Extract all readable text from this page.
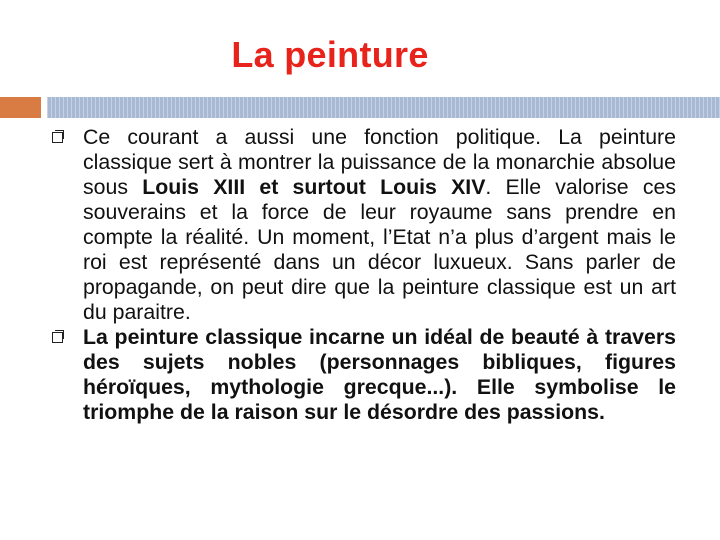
La peinture
Ce courant a aussi une fonction politique. La peinture classique sert à montrer la puissance de la monarchie absolue sous Louis XIII et surtout Louis XIV. Elle valorise ces souverains et la force de leur royaume sans prendre en compte la réalité. Un moment, l’Etat n’a plus d’argent mais le roi est représenté dans un décor luxueux. Sans parler de propagande, on peut dire que la peinture classique est un art du paraitre.
La peinture classique incarne un idéal de beauté à travers des sujets nobles (personnages bibliques, figures héroïques, mythologie grecque...). Elle symbolise le triomphe de la raison sur le désordre des passions.
